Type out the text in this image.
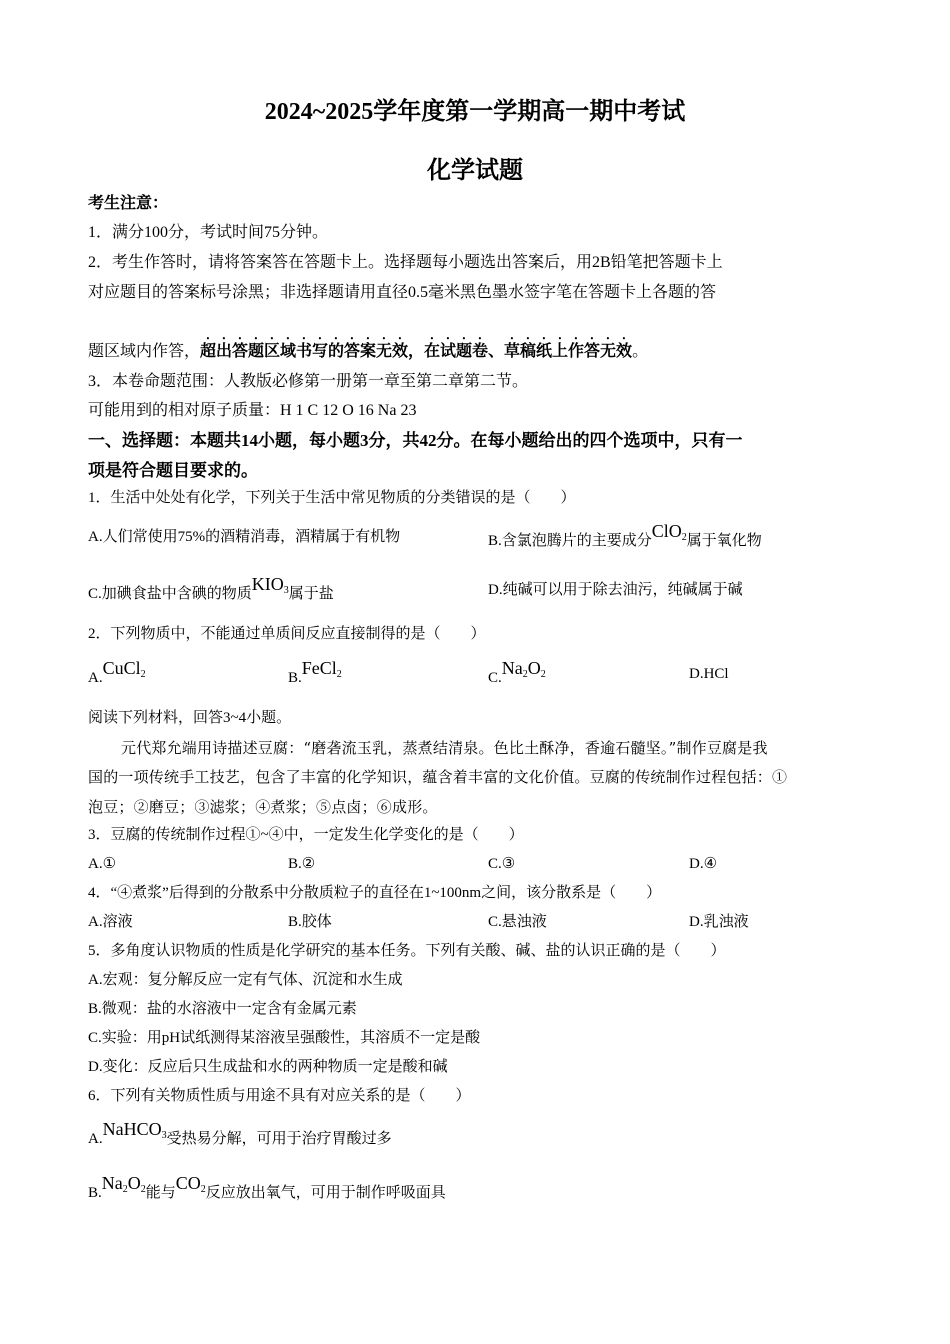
2024~2025学年度第一学期高一期中考试
化学试题
考生注意：
1．满分100分，考试时间75分钟。
2．考生作答时，请将答案答在答题卡上。选择题每小题选出答案后，用2B铅笔把答题卡上
对应题目的答案标号涂黑；非选择题请用直径0.5毫米黑色墨水签字笔在答题卡上各题的答
题区域内作答，超出答题区域书写的答案无效，在试题卷、草稿纸上作答无效。
3．本卷命题范围：人教版必修第一册第一章至第二章第二节。
可能用到的相对原子质量：H 1 C 12 O 16 Na 23
一、选择题：本题共14小题，每小题3分，共42分。在每小题给出的四个选项中，只有一
项是符合题目要求的。
1．生活中处处有化学，下列关于生活中常见物质的分类错误的是（　　）
A.人们常使用75%的酒精消毒，酒精属于有机物	B.含氯泡腾片的主要成分ClO$_2$属于氧化物
C.加碘食盐中含碘的物质$KIO_3$属于盐	D.纯碱可以用于除去油污，纯碱属于碱
2．下列物质中，不能通过单质间反应直接制得的是（　　）
A.CuCl$_2$	B.FeCl$_2$	$C.Na_2O_2$	D.HCl
阅读下列材料，回答3~4小题。
元代郑允端用诗描述豆腐：“磨砻流玉乳，蒸煮结清泉。色比土酥净，香逾石髓坚。”制作豆腐是我
国的一项传统手工技艺，包含了丰富的化学知识，蕴含着丰富的文化价值。豆腐的传统制作过程包括：①
泡豆；②磨豆；③滤浆；④煮浆；⑤点卤；⑥成形。
3．豆腐的传统制作过程①~④中，一定发生化学变化的是（　　）
A.①	B.②	C.③	D.④
4．“④煮浆”后得到的分散系中分散质粒子的直径在1~100nm之间，该分散系是（　　）
A.溶液	B.胶体	C.悬浊液	D.乳浊液
5．多角度认识物质的性质是化学研究的基本任务。下列有关酸、碱、盐的认识正确的是（　　）
A.宏观：复分解反应一定有气体、沉淀和水生成
B.微观：盐的水溶液中一定含有金属元素
C.实验：用pH试纸测得某溶液呈强酸性，其溶质不一定是酸
D.变化：反应后只生成盐和水的两种物质一定是酸和碱
6．下列有关物质性质与用途不具有对应关系的是（　　）
A.NaHCO$_3$受热易分解，可用于治疗胃酸过多
$B.Na_2O_2$能与$CO_2$反应放出氧气，可用于制作呼吸面具
